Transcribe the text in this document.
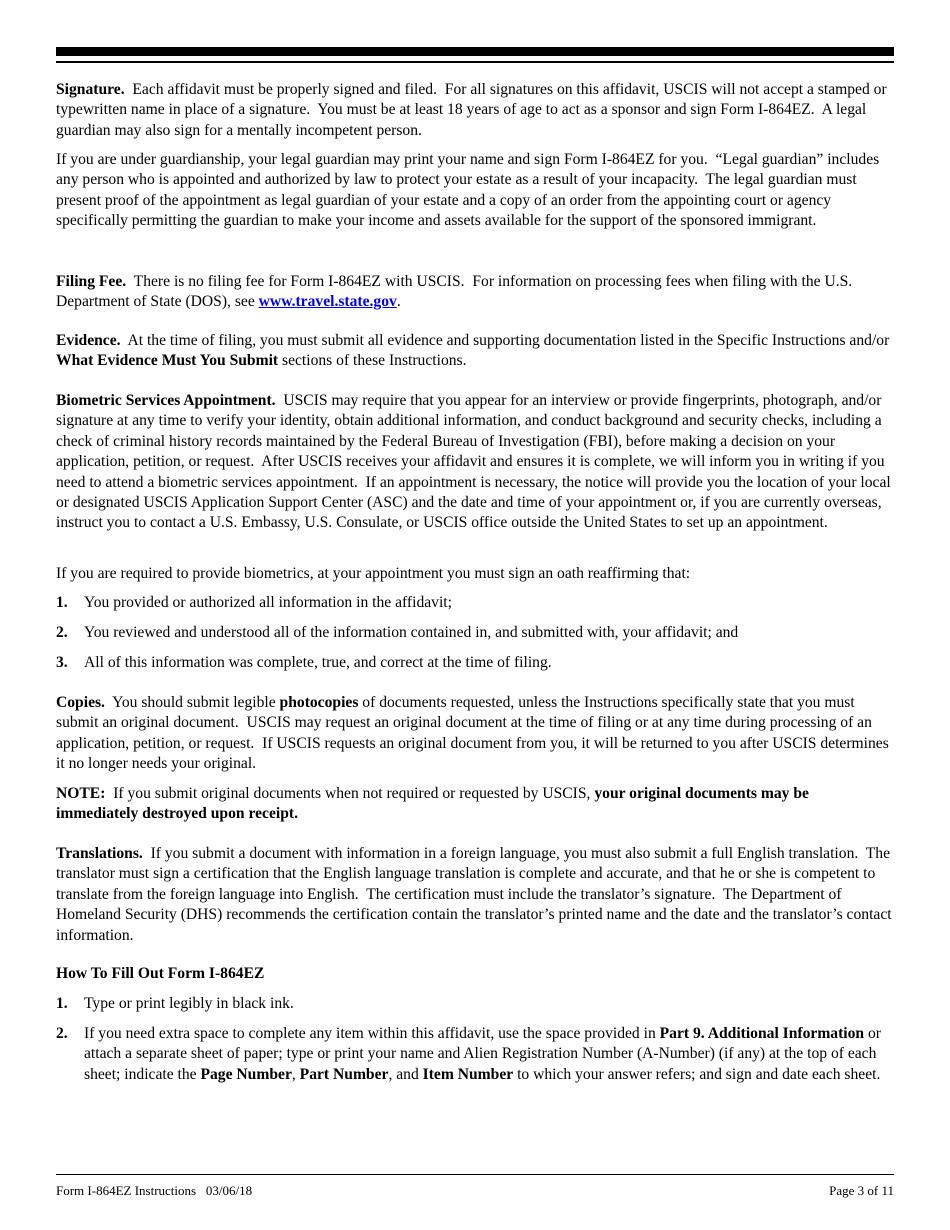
Signature.  Each affidavit must be properly signed and filed.  For all signatures on this affidavit, USCIS will not accept a stamped or typewritten name in place of a signature.  You must be at least 18 years of age to act as a sponsor and sign Form I-864EZ.  A legal guardian may also sign for a mentally incompetent person.
If you are under guardianship, your legal guardian may print your name and sign Form I-864EZ for you.  “Legal guardian” includes any person who is appointed and authorized by law to protect your estate as a result of your incapacity.  The legal guardian must present proof of the appointment as legal guardian of your estate and a copy of an order from the appointing court or agency specifically permitting the guardian to make your income and assets available for the support of the sponsored immigrant.
Filing Fee.  There is no filing fee for Form I-864EZ with USCIS.  For information on processing fees when filing with the U.S. Department of State (DOS), see www.travel.state.gov.
Evidence.  At the time of filing, you must submit all evidence and supporting documentation listed in the Specific Instructions and/or What Evidence Must You Submit sections of these Instructions.
Biometric Services Appointment.  USCIS may require that you appear for an interview or provide fingerprints, photograph, and/or signature at any time to verify your identity, obtain additional information, and conduct background and security checks, including a check of criminal history records maintained by the Federal Bureau of Investigation (FBI), before making a decision on your application, petition, or request.  After USCIS receives your affidavit and ensures it is complete, we will inform you in writing if you need to attend a biometric services appointment.  If an appointment is necessary, the notice will provide you the location of your local or designated USCIS Application Support Center (ASC) and the date and time of your appointment or, if you are currently overseas, instruct you to contact a U.S. Embassy, U.S. Consulate, or USCIS office outside the United States to set up an appointment.
If you are required to provide biometrics, at your appointment you must sign an oath reaffirming that:
1. You provided or authorized all information in the affidavit;
2. You reviewed and understood all of the information contained in, and submitted with, your affidavit; and
3. All of this information was complete, true, and correct at the time of filing.
Copies.  You should submit legible photocopies of documents requested, unless the Instructions specifically state that you must submit an original document.  USCIS may request an original document at the time of filing or at any time during processing of an application, petition, or request.  If USCIS requests an original document from you, it will be returned to you after USCIS determines it no longer needs your original.
NOTE:  If you submit original documents when not required or requested by USCIS, your original documents may be immediately destroyed upon receipt.
Translations.  If you submit a document with information in a foreign language, you must also submit a full English translation.  The translator must sign a certification that the English language translation is complete and accurate, and that he or she is competent to translate from the foreign language into English.  The certification must include the translator’s signature.  The Department of Homeland Security (DHS) recommends the certification contain the translator’s printed name and the date and the translator’s contact information.
How To Fill Out Form I-864EZ
1. Type or print legibly in black ink.
2. If you need extra space to complete any item within this affidavit, use the space provided in Part 9. Additional Information or attach a separate sheet of paper; type or print your name and Alien Registration Number (A-Number) (if any) at the top of each sheet; indicate the Page Number, Part Number, and Item Number to which your answer refers; and sign and date each sheet.
Form I-864EZ Instructions   03/06/18	Page 3 of 11
